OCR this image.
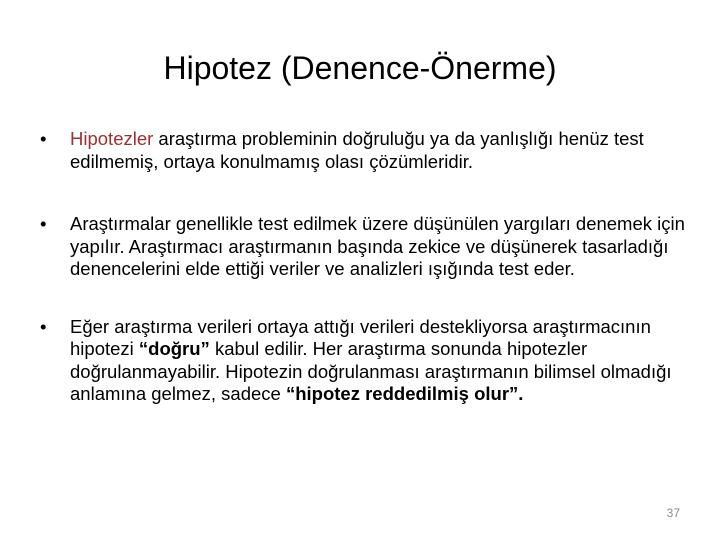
Hipotez (Denence-Önerme)
• Hipotezler araştırma probleminin doğruluğu ya da yanlışlığı henüz test edilmemiş, ortaya konulmamış olası çözümleridir.
• Araştırmalar genellikle test edilmek üzere düşünülen yargıları denemek için yapılır. Araştırmacı araştırmanın başında zekice ve düşünerek tasarladığı denencelerini elde ettiği veriler ve analizleri ışığında test eder.
• Eğer araştırma verileri ortaya attığı verileri destekliyorsa araştırmacının hipotezi “doğru” kabul edilir. Her araştırma sonunda hipotezler doğrulanmayabilir. Hipotezin doğrulanması araştırmanın bilimsel olmadığı anlamına gelmez, sadece “hipotez reddedilmiş olur”.
37
